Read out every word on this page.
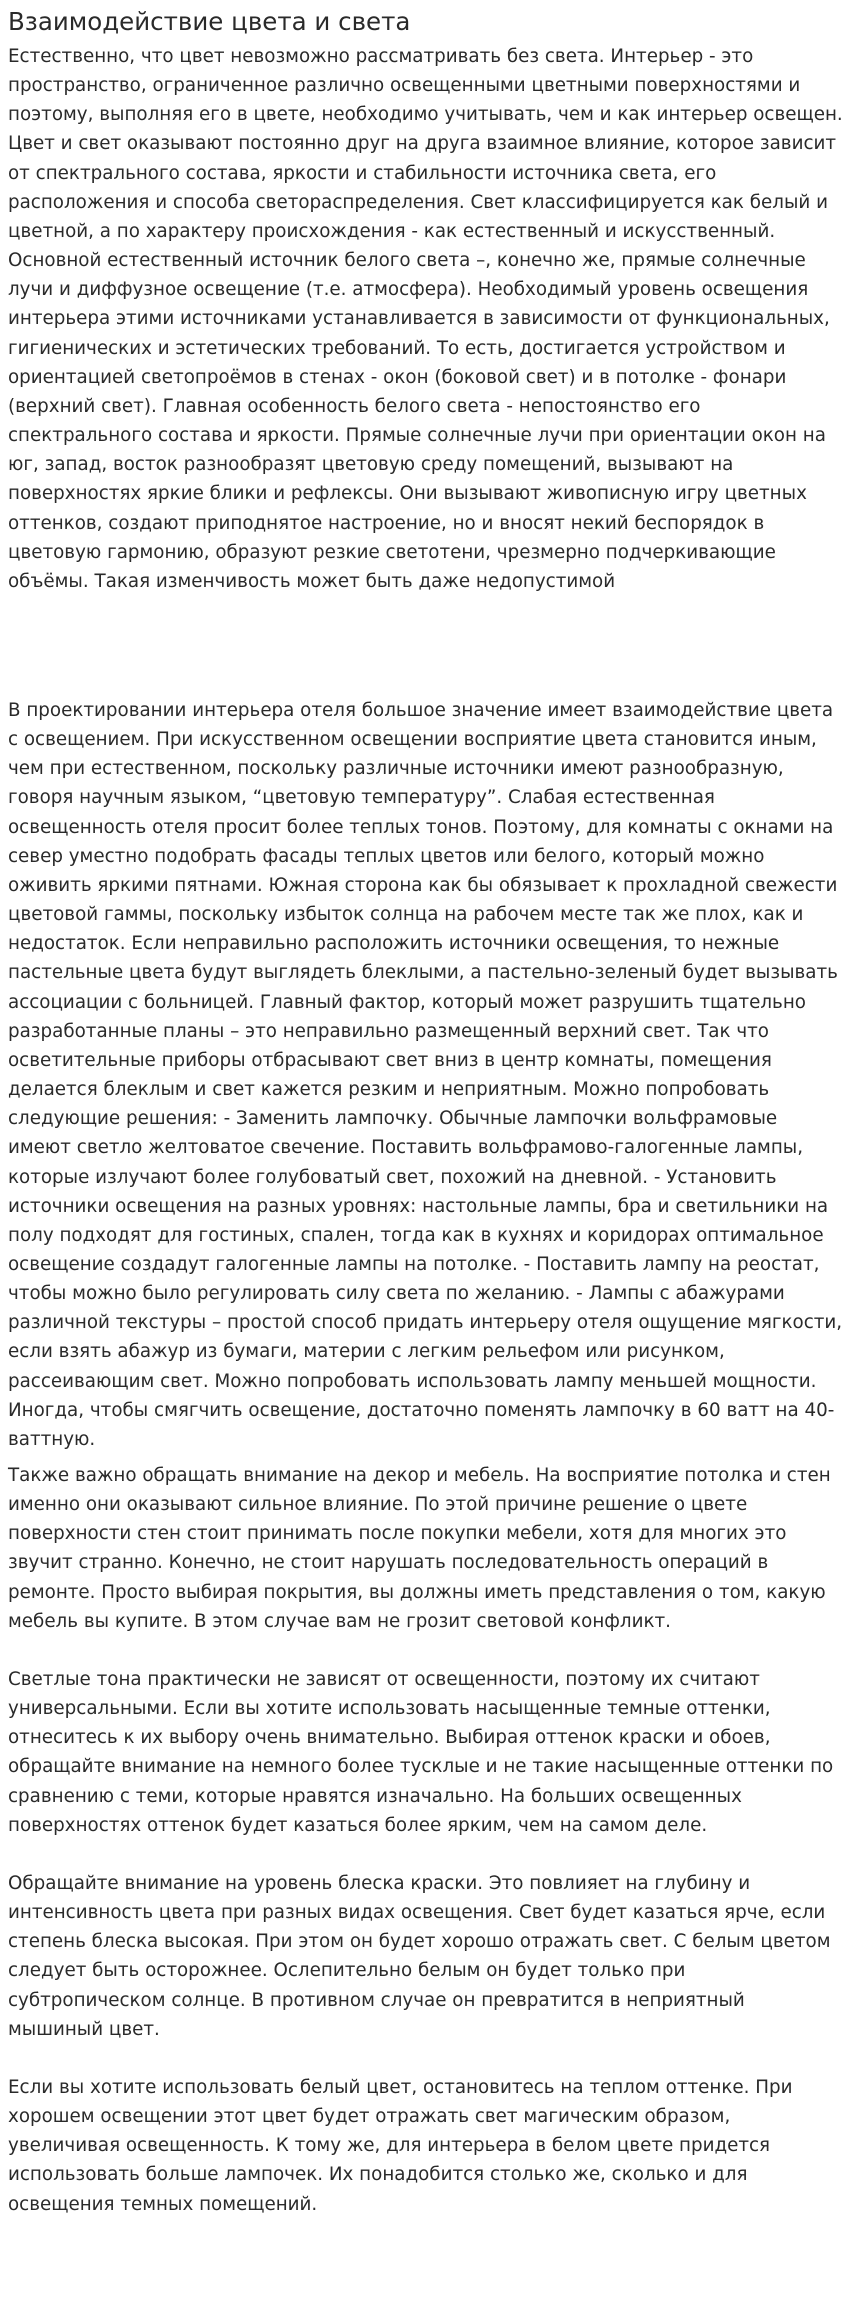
Взаимодействие цвета и света

Естественно, что цвет невозможно рассматривать без света. Интерьер - это пространство, ограниченное различно освещенными цветными поверхностями и поэтому, выполняя его в цвете, необходимо учитывать, чем и как интерьер освещен. Цвет и свет оказывают постоянно друг на друга взаимное влияние, которое зависит от спектрального состава, яркости и стабильности источника света, его расположения и способа светораспределения. Свет классифицируется как белый и цветной, а по характеру происхождения - как естественный и искусственный. Основной естественный источник белого света –, конечно же, прямые солнечные лучи и диффузное освещение (т.е. атмосфера). Необходимый уровень освещения интерьера этими источниками устанавливается в зависимости от функциональных, гигиенических и эстетических требований. То есть, достигается устройством и ориентацией светопроёмов в стенах - окон (боковой свет) и в потолке - фонари (верхний свет). Главная особенность белого света - непостоянство его спектрального состава и яркости. Прямые солнечные лучи при ориентации окон на юг, запад, восток разнообразят цветовую среду помещений, вызывают на поверхностях яркие блики и рефлексы. Они вызывают живописную игру цветных оттенков, создают приподнятое настроение, но и вносят некий беспорядок в цветовую гармонию, образуют резкие светотени, чрезмерно подчеркивающие объёмы. Такая изменчивость может быть даже недопустимой

В проектировании интерьера отеля большое значение имеет взаимодействие цвета с освещением. При искусственном освещении восприятие цвета становится иным, чем при естественном, поскольку различные источники имеют разнообразную, говоря научным языком, “цветовую температуру”. Слабая естественная освещенность отеля просит более теплых тонов. Поэтому, для комнаты с окнами на север уместно подобрать фасады теплых цветов или белого, который можно оживить яркими пятнами. Южная сторона как бы обязывает к прохладной свежести цветовой гаммы, поскольку избыток солнца на рабочем месте так же плох, как и недостаток. Если неправильно расположить источники освещения, то нежные пастельные цвета будут выглядеть блеклыми, а пастельно-зеленый будет вызывать ассоциации с больницей. Главный фактор, который может разрушить тщательно разработанные планы – это неправильно размещенный верхний свет. Так что осветительные приборы отбрасывают свет вниз в центр комнаты, помещения делается блеклым и свет кажется резким и неприятным. Можно попробовать следующие решения: - Заменить лампочку. Обычные лампочки вольфрамовые имеют светло желтоватое свечение. Поставить вольфрамово-галогенные лампы, которые излучают более голубоватый свет, похожий на дневной. - Установить источники освещения на разных уровнях: настольные лампы, бра и светильники на полу подходят для гостиных, спален, тогда как в кухнях и коридорах оптимальное освещение создадут галогенные лампы на потолке. - Поставить лампу на реостат, чтобы можно было регулировать силу света по желанию. - Лампы с абажурами различной текстуры – простой способ придать интерьеру отеля ощущение мягкости, если взять абажур из бумаги, материи с легким рельефом или рисунком, рассеивающим свет. Можно попробовать использовать лампу меньшей мощности. Иногда, чтобы смягчить освещение, достаточно поменять лампочку в 60 ватт на 40-ваттную.

Также важно обращать внимание на декор и мебель. На восприятие потолка и стен именно они оказывают сильное влияние. По этой причине решение о цвете поверхности стен стоит принимать после покупки мебели, хотя для многих это звучит странно. Конечно, не стоит нарушать последовательность операций в ремонте. Просто выбирая покрытия, вы должны иметь представления о том, какую мебель вы купите. В этом случае вам не грозит световой конфликт.

Светлые тона практически не зависят от освещенности, поэтому их считают универсальными. Если вы хотите использовать насыщенные темные оттенки, отнеситесь к их выбору очень внимательно. Выбирая оттенок краски и обоев, обращайте внимание на немного более тусклые и не такие насыщенные оттенки по сравнению с теми, которые нравятся изначально. На больших освещенных поверхностях оттенок будет казаться более ярким, чем на самом деле.

Обращайте внимание на уровень блеска краски. Это повлияет на глубину и интенсивность цвета при разных видах освещения. Свет будет казаться ярче, если степень блеска высокая. При этом он будет хорошо отражать свет. С белым цветом следует быть осторожнее. Ослепительно белым он будет только при субтропическом солнце. В противном случае он превратится в неприятный мышиный цвет.

Если вы хотите использовать белый цвет, остановитесь на теплом оттенке. При хорошем освещении этот цвет будет отражать свет магическим образом, увеличивая освещенность. К тому же, для интерьера в белом цвете придется использовать больше лампочек. Их понадобится столько же, сколько и для освещения темных помещений.
